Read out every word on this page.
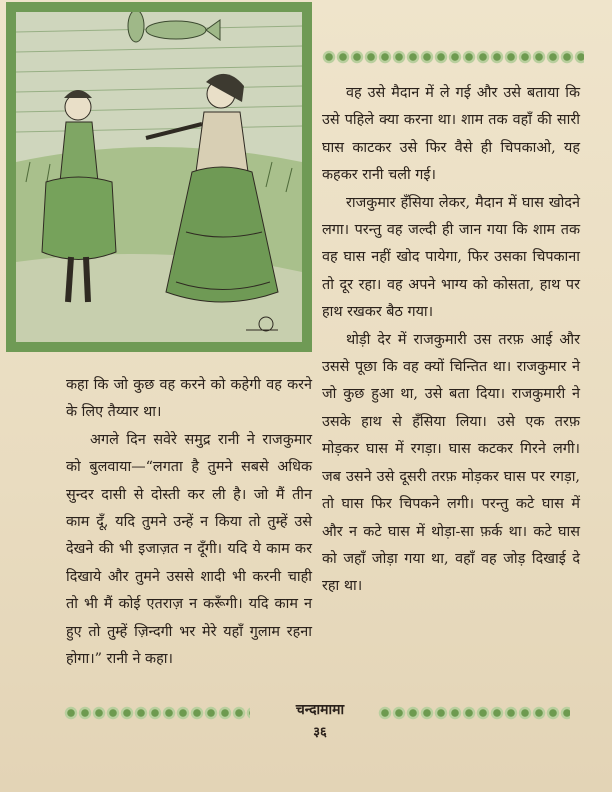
वह उसे मैदान में ले गई और उसे बताया कि उसे पहिले क्या करना था। शाम तक वहाँ की सारी घास काटकर उसे फिर वैसे ही चिपकाओ, यह कहकर रानी चली गई।

राजकुमार हँसिया लेकर, मैदान में घास खोदने लगा। परन्तु वह जल्दी ही जान गया कि शाम तक वह घास नहीं खोद पायेगा, फिर उसका चिपकाना तो दूर रहा। वह अपने भाग्य को कोसता, हाथ पर हाथ रखकर बैठ गया।

थोड़ी देर में राजकुमारी उस तरफ़ आई और उससे पूछा कि वह क्यों चिन्तित था। राजकुमार ने जो कुछ हुआ था, उसे बता दिया। राजकुमारी ने उसके हाथ से हँसिया लिया। उसे एक तरफ़ मोड़कर घास में रगड़ा। घास कटकर गिरने लगी। जब उसने उसे दूसरी तरफ़ मोड़कर घास पर रगड़ा, तो घास फिर चिपकने लगी। परन्तु कटे घास में और न कटे घास में थोड़ा-सा फ़र्क था। कटे घास को जहाँ जोड़ा गया था, वहाँ वह जोड़ दिखाई दे रहा था।

कहा कि जो कुछ वह करने को कहेगी वह करने के लिए तैय्यार था।

अगले दिन सवेरे समुद्र रानी ने राजकुमार को बुलवाया—“लगता है तुमने सबसे अधिक सुन्दर दासी से दोस्ती कर ली है। जो मैं तीन काम दूँ, यदि तुमने उन्हें न किया तो तुम्हें उसे देखने की भी इजाज़त न दूँगी। यदि ये काम कर दिखाये और तुमने उससे शादी भी करनी चाही तो भी मैं कोई एतराज़ न करूँगी। यदि काम न हुए तो तुम्हें ज़िन्दगी भर मेरे यहाँ गुलाम रहना होगा।” रानी ने कहा।

चन्दामामा
३६
